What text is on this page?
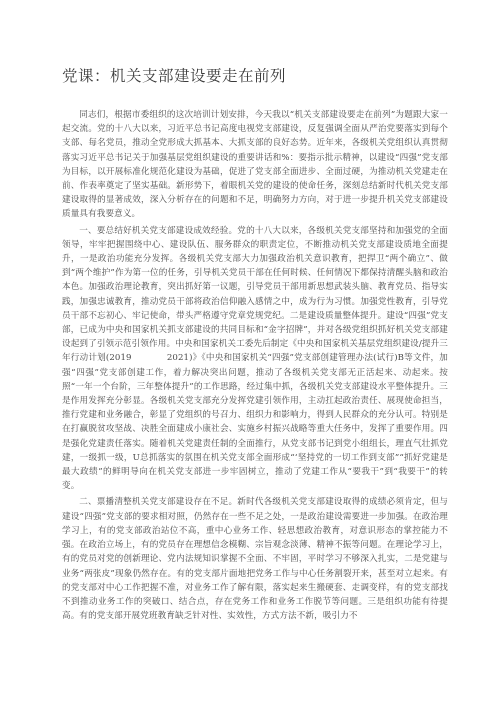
党课：机关支部建设要走在前列

同志们，根据市委组织的这次培训计划安排，今天我以“机关支部建设要走在前列”为题跟大家一起交流。党的十八大以来，习近平总书记高度电视党支部建设，反复强调全面从严治党要落实到每个支部、每名党员，推动全党形成大抓基本、大抓支部的良好态势。近年来，各级机关党组织认真贯彻落实习近平总书记关于加强基层党组织建设的重要讲话和%：要指示批示精神，以建设“四强”党支部为目标，以开展标准化规范化建设为基础，促进了党支部全面进步、全面过硬，为推动机关党建走在前、作表率奠定了坚实基础。新形势下，着眼机关党的建设的使命任务，深刻总结新时代机关党支部建设取得的显著成效，深入分析存在的问题和不足，明确努力方向，对于进一步提升机关党支部建设质量具有我要意义。

一、要总结好机关党支部建设成效经验。党的十八大以来，各级机关党支部坚持和加强党的全面领导，牢牢把握围绕中心、建设队伍、服务群众的职责定位，不断推动机关党支部建设质地全面提升，一是政治功能充分发挥。各级机关党支部大力加强政治机关意识教育，把捍卫“两个确立”、做到“两个维护”作为第一位的任务，引导机关党员干部在任何时候、任何情况下都保持清醒头脑和政治本色。加强政治理论教育，突出抓好第一议题，引导党员干部用新思想武装头脑、教育党员、指导实践，加强忠诚教育，推动党员干部将政治信仰融入感情之中，成为行为习惯。加强党性教育，引导党员干部不忘初心、牢记使命，带头严格遵守党章党规党纪。二是建设质量整体提升。建设“四强”党支部，已成为中央和国家机关抓支部建设的共同目标和“金字招牌”，并对各级党组织抓好机关党支部建设起到了引领示范引领作用。中央和国家机关工委先后制定《中央和国家机关基层党组织建设/提升三年行动计划(2019　　　　2021)》《中央和国家机关“四强”党支部创建管理办法(试行)B等文件，加强“四强”党支部创建工作，着力解决突出问题，推动了各级机关党支部无正活起来、动起来。按照“一年一个台阶，三年整体提升”的工作思路，经过集中抓，各级机关党支部建设水平整体提升。三是作用发挥充分彰显。各级机关党支部充分发挥党建引领作用，主动扛起政治责任、展现使命担当，推行党建和业务融合，彰显了党组织的号召力、组织力和影响力，得到人民群众的充分认可。特别是在打赢脱贫攻坚战、决胜全面建成小康社会、实施乡村振兴战略等重大任务中，发挥了重要作用。四是强化党建责任落实。随着机关党建责任制的全面推行，从党支部书记到党小组组长，理直气壮抓党建，一级抓一级，U总抓落实的氛围在机关党支部全面形成“‘坚持党的一切工作到支部”“抓好党建是最大政绩”的鲜明导向在机关党支部进一步牢固树立，推动了党建工作从“要我干”到“我要干”的转变。

二、票播清整机关党支部建设存在不足。新时代各级机关党支部建设取得的成绩必须肯定，但与建设“四强”党支部的要求相对照，仍然存在一些不足之处，一是政治建设需要进一步加强。在政治理学习上，有的党支部政治站位不高，重中心业务工作、轻思想政治教育，对意识形态的掌控能力不强。在政治立场上，有的党员存在理想信念模糊、宗旨观念淡薄、精神不振等问题。在理论学习上，有的党员对党的创新理论、党内法规知识掌握不全面、不牢固，平时学习不够深入扎实，二是党建与业务“两张皮”现象仍然存在。有的党支部片面地把党务工作与中心任务割裂开来，甚至对立起来。有的党支部对中心工作把握不准，对业务工作了解有限，落实起来生搬硬套、走调变样，有的党支部找不到推动业务工作的突破口、结合点，存在党务工作和业务工作脱节等问题。三是组织功能有待提高。有的党支部开展党班教育缺乏针对性、实效性，方式方法不新，吸引力不
